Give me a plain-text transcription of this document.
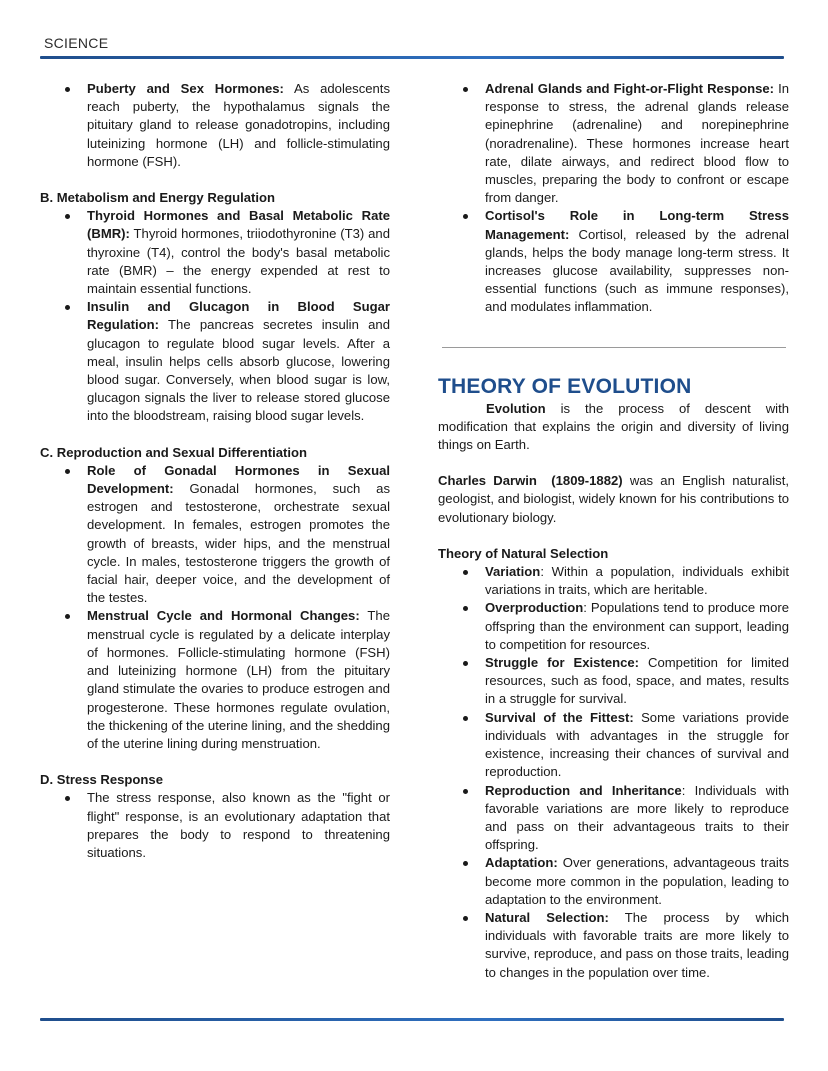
SCIENCE
Puberty and Sex Hormones: As adolescents reach puberty, the hypothalamus signals the pituitary gland to release gonadotropins, including luteinizing hormone (LH) and follicle-stimulating hormone (FSH).

B. Metabolism and Energy Regulation

Thyroid Hormones and Basal Metabolic Rate (BMR): Thyroid hormones, triiodothyronine (T3) and thyroxine (T4), control the body's basal metabolic rate (BMR) – the energy expended at rest to maintain essential functions.
Insulin and Glucagon in Blood Sugar Regulation: The pancreas secretes insulin and glucagon to regulate blood sugar levels. After a meal, insulin helps cells absorb glucose, lowering blood sugar. Conversely, when blood sugar is low, glucagon signals the liver to release stored glucose into the bloodstream, raising blood sugar levels.

C. Reproduction and Sexual Differentiation

Role of Gonadal Hormones in Sexual Development: Gonadal hormones, such as estrogen and testosterone, orchestrate sexual development. In females, estrogen promotes the growth of breasts, wider hips, and the menstrual cycle. In males, testosterone triggers the growth of facial hair, deeper voice, and the development of the testes.
Menstrual Cycle and Hormonal Changes: The menstrual cycle is regulated by a delicate interplay of hormones. Follicle-stimulating hormone (FSH) and luteinizing hormone (LH) from the pituitary gland stimulate the ovaries to produce estrogen and progesterone. These hormones regulate ovulation, the thickening of the uterine lining, and the shedding of the uterine lining during menstruation.

D. Stress Response

The stress response, also known as the "fight or flight" response, is an evolutionary adaptation that prepares the body to respond to threatening situations.
Adrenal Glands and Fight-or-Flight Response: In response to stress, the adrenal glands release epinephrine (adrenaline) and norepinephrine (noradrenaline). These hormones increase heart rate, dilate airways, and redirect blood flow to muscles, preparing the body to confront or escape from danger.
Cortisol's Role in Long-term Stress Management: Cortisol, released by the adrenal glands, helps the body manage long-term stress. It increases glucose availability, suppresses non-essential functions (such as immune responses), and modulates inflammation.
THEORY OF EVOLUTION

Evolution is the process of descent with modification that explains the origin and diversity of living things on Earth.

Charles Darwin  (1809-1882) was an English naturalist, geologist, and biologist, widely known for his contributions to evolutionary biology.

Theory of Natural Selection

Variation: Within a population, individuals exhibit variations in traits, which are heritable.
Overproduction: Populations tend to produce more offspring than the environment can support, leading to competition for resources.
Struggle for Existence: Competition for limited resources, such as food, space, and mates, results in a struggle for survival.
Survival of the Fittest: Some variations provide individuals with advantages in the struggle for existence, increasing their chances of survival and reproduction.
Reproduction and Inheritance: Individuals with favorable variations are more likely to reproduce and pass on their advantageous traits to their offspring.
Adaptation: Over generations, advantageous traits become more common in the population, leading to adaptation to the environment.
Natural Selection: The process by which individuals with favorable traits are more likely to survive, reproduce, and pass on those traits, leading to changes in the population over time.
